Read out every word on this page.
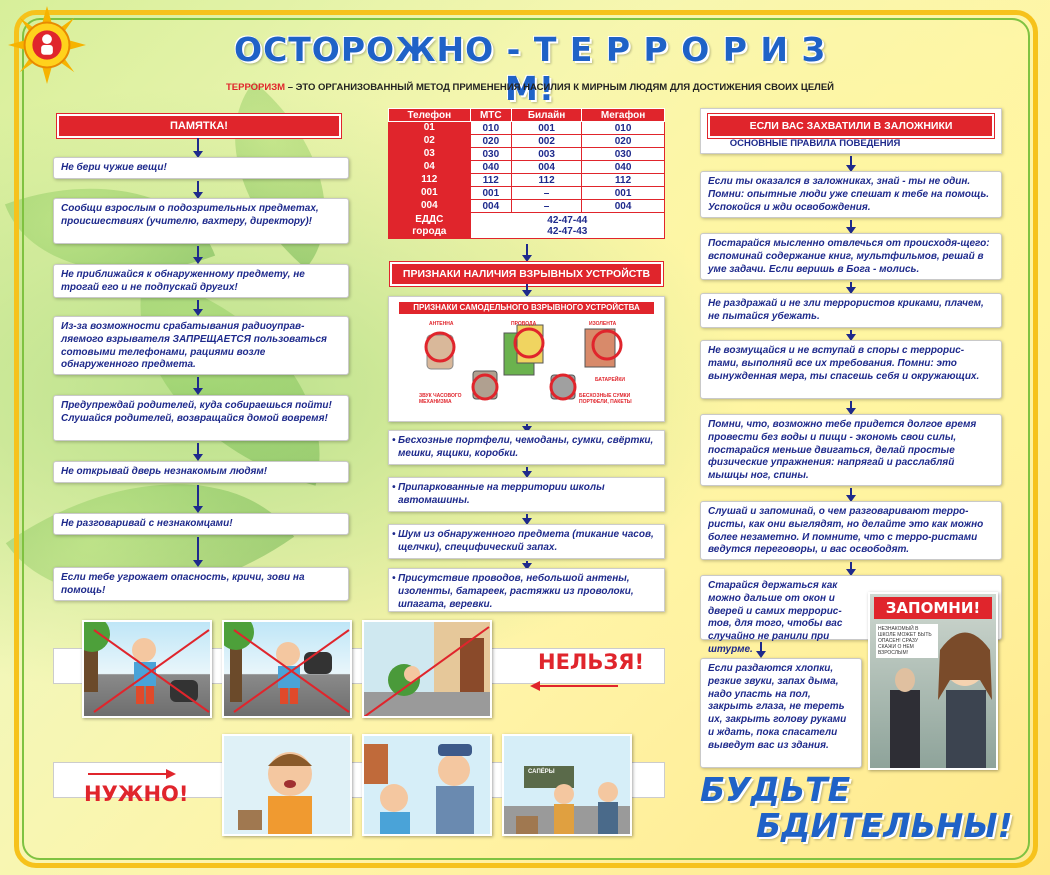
ОСТОРОЖНО - Т Е Р Р О Р И З М!
ТЕРРОРИЗМ – ЭТО ОРГАНИЗОВАННЫЙ МЕТОД ПРИМЕНЕНИЯ НАСИЛИЯ К МИРНЫМ ЛЮДЯМ ДЛЯ ДОСТИЖЕНИЯ СВОИХ ЦЕЛЕЙ
ПАМЯТКА!
Не бери чужие вещи!
Сообщи взрослым о подозрительных предметах, происшествиях (учителю, вахтеру, директору)!
Не приближайся к обнаруженному предмету, не трогай его и не подпускай других!
Из-за возможности срабатывания радиоуправ-ляемого взрывателя ЗАПРЕЩАЕТСЯ пользоваться сотовыми телефонами, рациями возле обнаруженного предмета.
Предупреждай родителей, куда собираешься пойти! Слушайся родителей, возвращайся домой вовремя!
Не открывай дверь незнакомым людям!
Не разговаривай с незнакомцами!
Если тебе угрожает опасность, кричи, зови на помощь!
Телефон	МТС	Билайн	Мегафон
01	010	001	010
02	020	002	020
03	030	003	030
04	040	004	040
112	112	112	112
001	001	–	001
004	004	–	004
ЕДДС
города	42-47-44
42-47-43		
ПРИЗНАКИ НАЛИЧИЯ ВЗРЫВНЫХ УСТРОЙСТВ
ПРИЗНАКИ САМОДЕЛЬНОГО ВЗРЫВНОГО УСТРОЙСТВА
АНТЕННА	ПРОВОДА	ИЗОЛЕНТА
БАТАРЕЙКИ
ЗВУК ЧАСОВОГО МЕХАНИЗМА
БЕСХОЗНЫЕ СУМКИ ПОРТФЕЛИ, ПАКЕТЫ
• Бесхозные портфели, чемоданы, сумки, свёртки, мешки, ящики, коробки.
• Припаркованные на территории школы автомашины.
• Шум из обнаруженного предмета (тикание часов, щелчки), специфический запах.
• Присутствие проводов, небольшой антены, изоленты, батареек, растяжки из проволоки, шпагата, веревки.
ЕСЛИ ВАС ЗАХВАТИЛИ В ЗАЛОЖНИКИ
ОСНОВНЫЕ ПРАВИЛА ПОВЕДЕНИЯ
Если ты оказался в заложниках, знай - ты не один. Помни: опытные люди уже спешат к тебе на помощь. Успокойся и жди освобождения.
Постарайся мысленно отвлечься от происходя-щего: вспоминай содержание книг, мультфильмов, решай в уме задачи. Если веришь в Бога - молись.
Не раздражай и не зли террористов криками, плачем, не пытайся убежать.
Не возмущайся и не вступай в споры с террорис-тами, выполняй все их требования. Помни: это вынужденная мера, ты спасешь себя и окружающих.
Помни, что, возможно тебе придется долгое время провести без воды и пищи - экономь свои силы, постарайся меньше двигаться, делай простые физические упражнения: напрягай и расслабляй мышцы ног, спины.
Слушай и запоминай, о чем разговаривают терро-ристы, как они выглядят, но делайте это как можно более незаметно. И помните, что с терро-ристами ведутся переговоры, и вас освободят.
Старайся держаться как можно дальше от окон и дверей и самих террорис-тов, для того, чтобы вас случайно не ранили при штурме.
Если раздаются хлопки, резкие звуки, запах дыма, надо упасть на пол, закрыть глаза, не тереть их, закрыть голову руками и ждать, пока спасатели выведут вас из здания.
ЗАПОМНИ!
НЕЗНАКОМЫЙ В ШКОЛЕ МОЖЕТ БЫТЬ ОПАСЕН! СРАЗУ СКАЖИ О НЕМ ВЗРОСЛЫМ!
НЕЛЬЗЯ!
НУЖНО!
САПЁРЫ	БУДЬТЕ
БДИТЕЛЬНЫ!
